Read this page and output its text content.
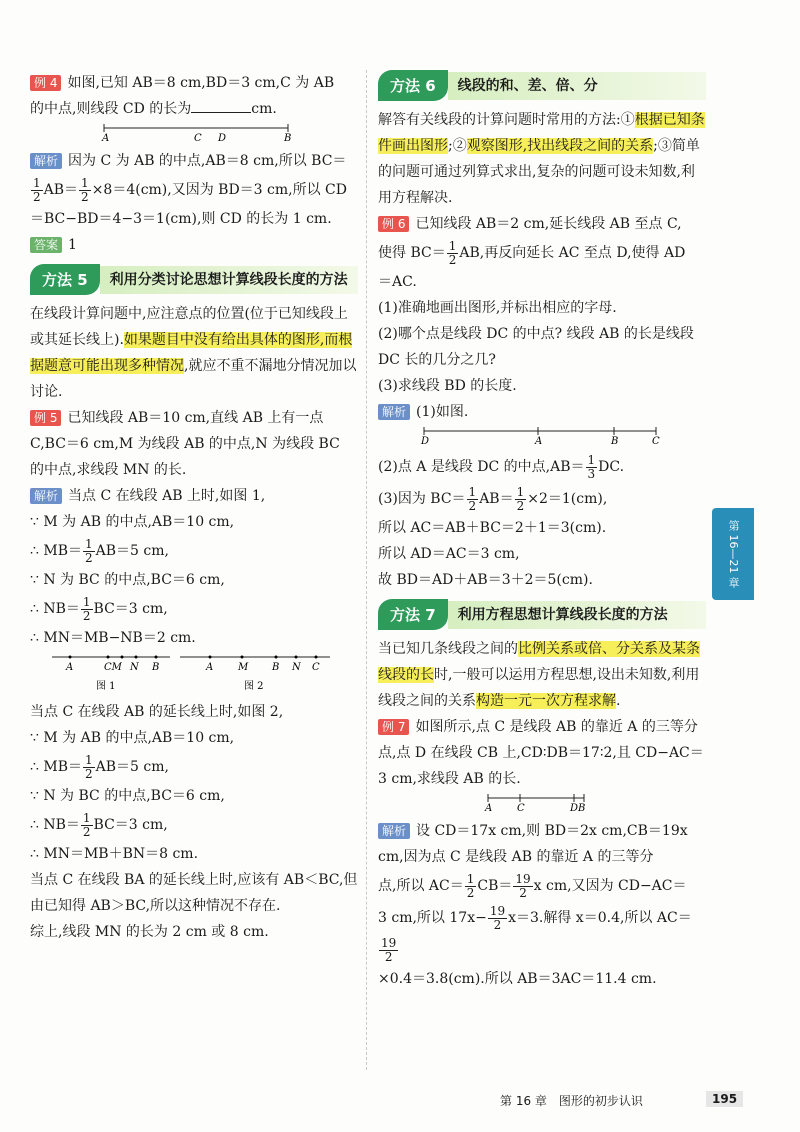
例 4 如图,已知 AB＝8 cm,BD＝3 cm,C 为 AB

的中点,则线段 CD 的长为	cm.

A	C D	B

解析 因为 C 为 AB 的中点,AB＝8 cm,所以 BC＝

$\frac{1}{2} AB= \frac{1}{2} \times 8=4(cm)$,又因为 BD＝3 cm,所以 CD

＝BC−BD＝4−3＝1(cm),则 CD 的长为 1 cm.

答案 1

方法 5	利用分类讨论思想计算线段长度的方法

在线段计算问题中,应注意点的位置(位于已知线段上或其延长线上).如果题目中没有给出具体的图形,而根据题意可能出现多种情况,就应不重不漏地分情况加以讨论.

例 5 已知线段 AB＝10 cm,直线 AB 上有一点 C,BC＝6 cm,M 为线段 AB 的中点,N 为线段 BC 的中点,求线段 MN 的长.

解析 当点 C 在线段 AB 上时,如图 1,

∵ M 为 AB 的中点,AB＝10 cm,

∴ $MB= \frac{1}{2} AB=5$ cm,

∵ N 为 BC 的中点,BC＝6 cm,

∴ $NB= \frac{1}{2} BC=3$ cm,

∴ MN＝MB−NB＝2 cm.

A	CM N B
图 1
A M B N C
图 2

当点 C 在线段 AB 的延长线上时,如图 2,

∵ M 为 AB 的中点,AB＝10 cm,

∴ $MB= \frac{1}{2} AB=5$ cm,

∵ N 为 BC 的中点,BC＝6 cm,

∴ $NB= \frac{1}{2} BC=3$ cm,

∴ MN＝MB＋BN＝8 cm.

当点 C 在线段 BA 的延长线上时,应该有 AB＜BC,但由已知得 AB＞BC,所以这种情况不存在.

综上,线段 MN 的长为 2 cm 或 8 cm.

方法 6	线段的和、差、倍、分

解答有关线段的计算问题时常用的方法:①根据已知条件画出图形;②观察图形,找出线段之间的关系;③简单的问题可通过列算式求出,复杂的问题可设未知数,利用方程解决.

例 6 已知线段 AB＝2 cm,延长线段 AB 至点 C,

使得 $BC= \frac{1}{2}$ AB,再反向延长 AC 至点 D,使得 AD

＝AC.

(1)准确地画出图形,并标出相应的字母.

(2)哪个点是线段 DC 的中点? 线段 AB 的长是线段 DC 长的几分之几?

(3)求线段 BD 的长度.

解析 (1)如图.

D	A	B	C

(2)点 A 是线段 DC 的中点$,AB= \frac{1}{3}$ DC.

(3)因为 $BC= \frac{1}{2} AB= \frac{1}{2} \times 2=1(cm)$,

所以 AC＝AB＋BC＝2＋1＝3(cm).

所以 AD＝AC＝3 cm,

故 BD＝AD＋AB＝3＋2＝5(cm).

方法 7	利用方程思想计算线段长度的方法

当已知几条线段之间的比例关系或倍、分关系及某条线段的长时,一般可以运用方程思想,设出未知数,利用线段之间的关系构造一元一次方程求解.

例 7 如图所示,点 C 是线段 AB 的靠近 A 的三等分点,点 D 在线段 CB 上,CD∶DB＝17∶2,且 CD−AC＝3 cm,求线段 AB 的长.

A C	DB

解析 设 CD＝17x cm,则 BD＝2x cm,CB＝19x cm,因为点 C 是线段 AB 的靠近 A 的三等分

点,所以 $AC= \frac{1}{2} CB= \frac{19}{2}$ x cm,又因为 CD−AC＝

3 cm,所以 $17x- \frac{19}{2} x=3$.解得 x＝0.4,所以 AC＝
$\frac{19}{2}$

×0.4＝3.8(cm).所以 AB＝3AC＝11.4 cm.

第 16—21 章
第 16 章　图形的初步认识	195
